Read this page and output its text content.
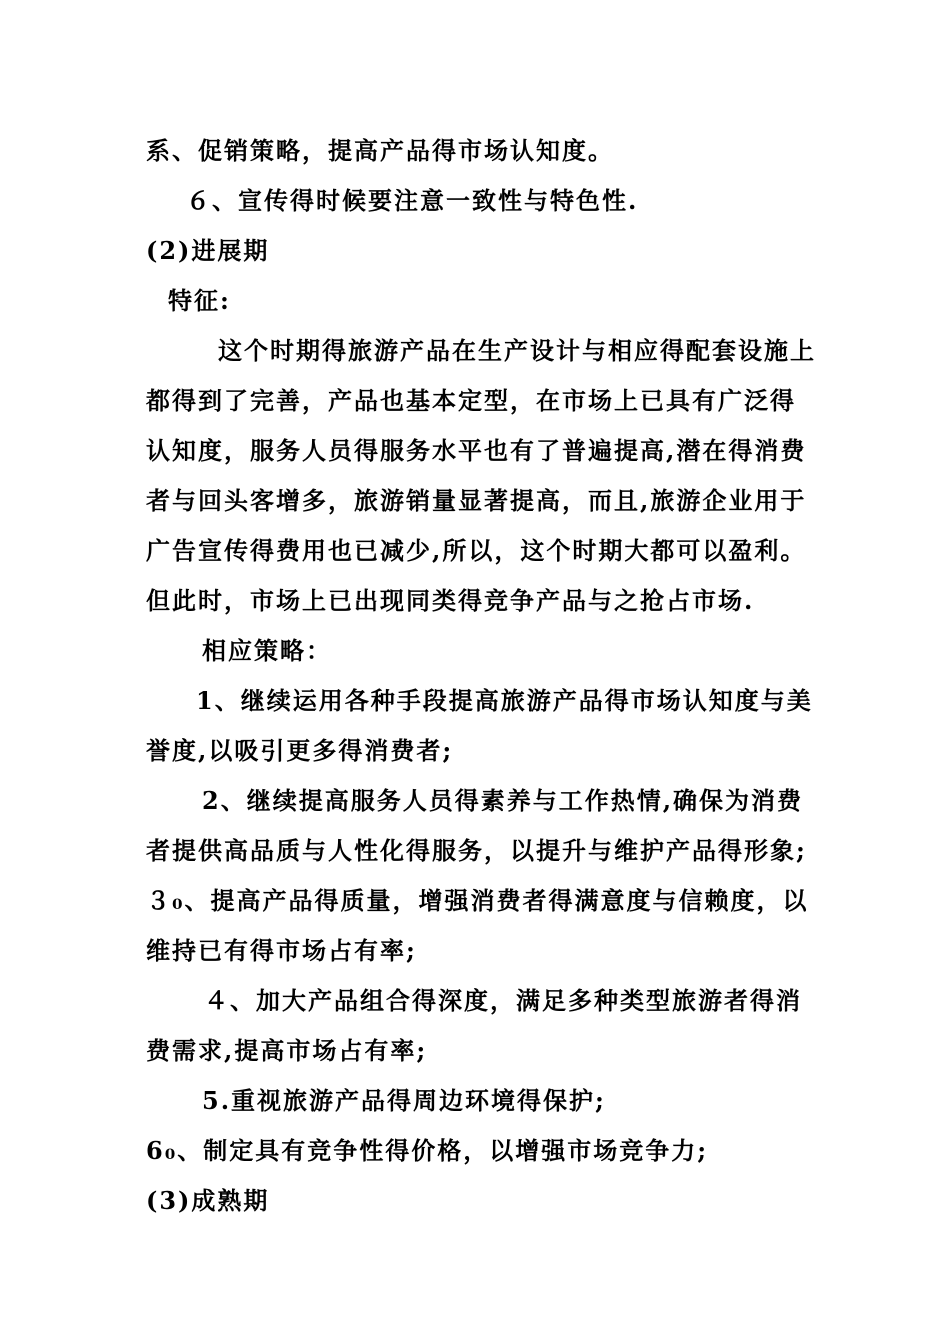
系、促销策略，提高产品得市场认知度。
６、宣传得时候要注意一致性与特色性.
(2)进展期
特征:
这个时期得旅游产品在生产设计与相应得配套设施上
都得到了完善，产品也基本定型，在市场上已具有广泛得
认知度，服务人员得服务水平也有了普遍提高,潜在得消费
者与回头客增多，旅游销量显著提高，而且,旅游企业用于
广告宣传得费用也已减少,所以，这个时期大都可以盈利。
但此时，市场上已出现同类得竞争产品与之抢占市场.
相应策略：
1、继续运用各种手段提高旅游产品得市场认知度与美
誉度,以吸引更多得消费者;
2、继续提高服务人员得素养与工作热情,确保为消费
者提供高品质与人性化得服务，以提升与维护产品得形象;
３₀、提高产品得质量，增强消费者得满意度与信赖度，以
维持已有得市场占有率;
４、加大产品组合得深度，满足多种类型旅游者得消
费需求,提高市场占有率;
5.重视旅游产品得周边环境得保护;
6₀、制定具有竞争性得价格，以增强市场竞争力;
(3)成熟期
